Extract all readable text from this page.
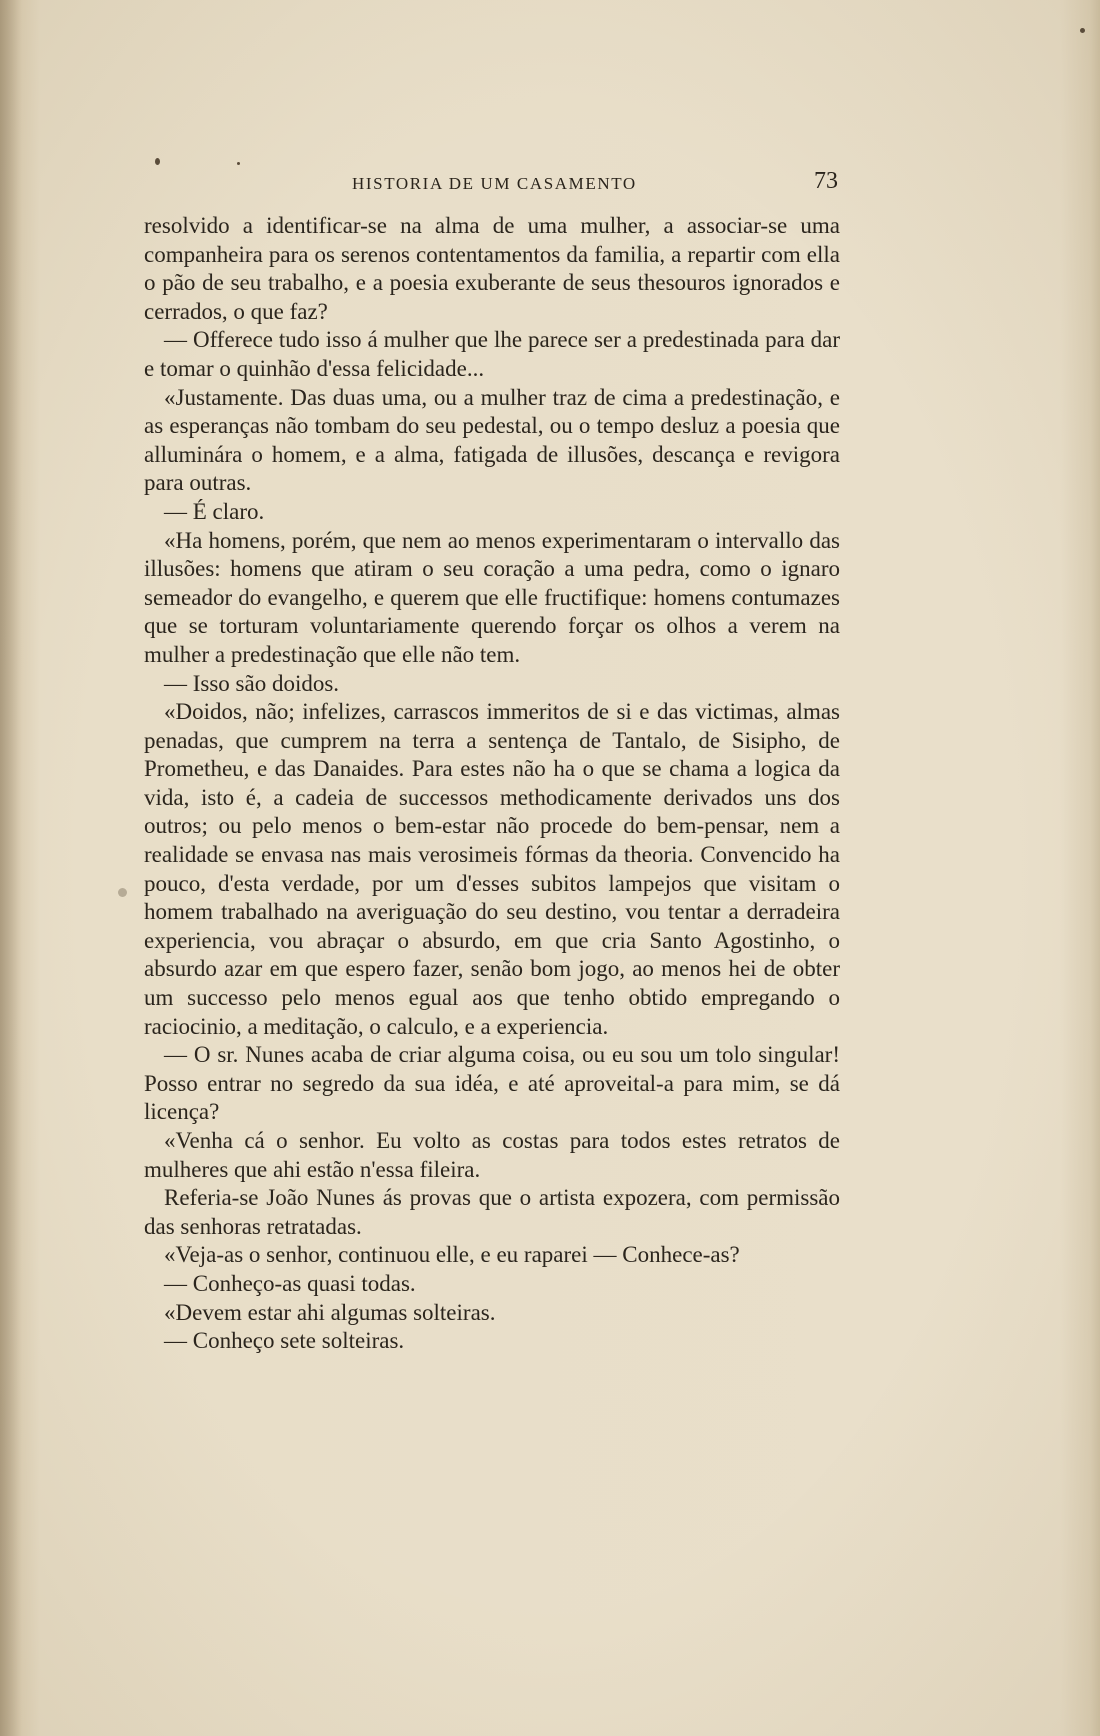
HISTORIA DE UM CASAMENTO	73

resolvido a identificar-se na alma de uma mulher, a associar-se uma companheira para os serenos contentamentos da familia, a repartir com ella o pão de seu trabalho, e a poesia exuberante de seus thesouros ignorados e cerrados, o que faz?

— Offerece tudo isso á mulher que lhe parece ser a predestinada para dar e tomar o quinhão d'essa felicidade...

«Justamente. Das duas uma, ou a mulher traz de cima a predestinação, e as esperanças não tombam do seu pedestal, ou o tempo desluz a poesia que alluminára o homem, e a alma, fatigada de illusões, descança e revigora para outras.

— É claro.

«Ha homens, porém, que nem ao menos experimentaram o intervallo das illusões: homens que atiram o seu coração a uma pedra, como o ignaro semeador do evangelho, e querem que elle fructifique: homens contumazes que se torturam voluntariamente querendo forçar os olhos a verem na mulher a predestinação que elle não tem.

— Isso são doidos.

«Doidos, não; infelizes, carrascos immeritos de si e das victimas, almas penadas, que cumprem na terra a sentença de Tantalo, de Sisipho, de Prometheu, e das Danaides. Para estes não ha o que se chama a logica da vida, isto é, a cadeia de successos methodicamente derivados uns dos outros; ou pelo menos o bem-estar não procede do bem-pensar, nem a realidade se envasa nas mais verosimeis fórmas da theoria. Convencido ha pouco, d'esta verdade, por um d'esses subitos lampejos que visitam o homem trabalhado na averiguação do seu destino, vou tentar a derradeira experiencia, vou abraçar o absurdo, em que cria Santo Agostinho, o absurdo azar em que espero fazer, senão bom jogo, ao menos hei de obter um successo pelo menos egual aos que tenho obtido empregando o raciocinio, a meditação, o calculo, e a experiencia.

— O sr. Nunes acaba de criar alguma coisa, ou eu sou um tolo singular! Posso entrar no segredo da sua idéa, e até aproveital-a para mim, se dá licença?

«Venha cá o senhor. Eu volto as costas para todos estes retratos de mulheres que ahi estão n'essa fileira.

Referia-se João Nunes ás provas que o artista expozera, com permissão das senhoras retratadas.

«Veja-as o senhor, continuou elle, e eu raparei — Conhece-as?

— Conheço-as quasi todas.

«Devem estar ahi algumas solteiras.

— Conheço sete solteiras.
